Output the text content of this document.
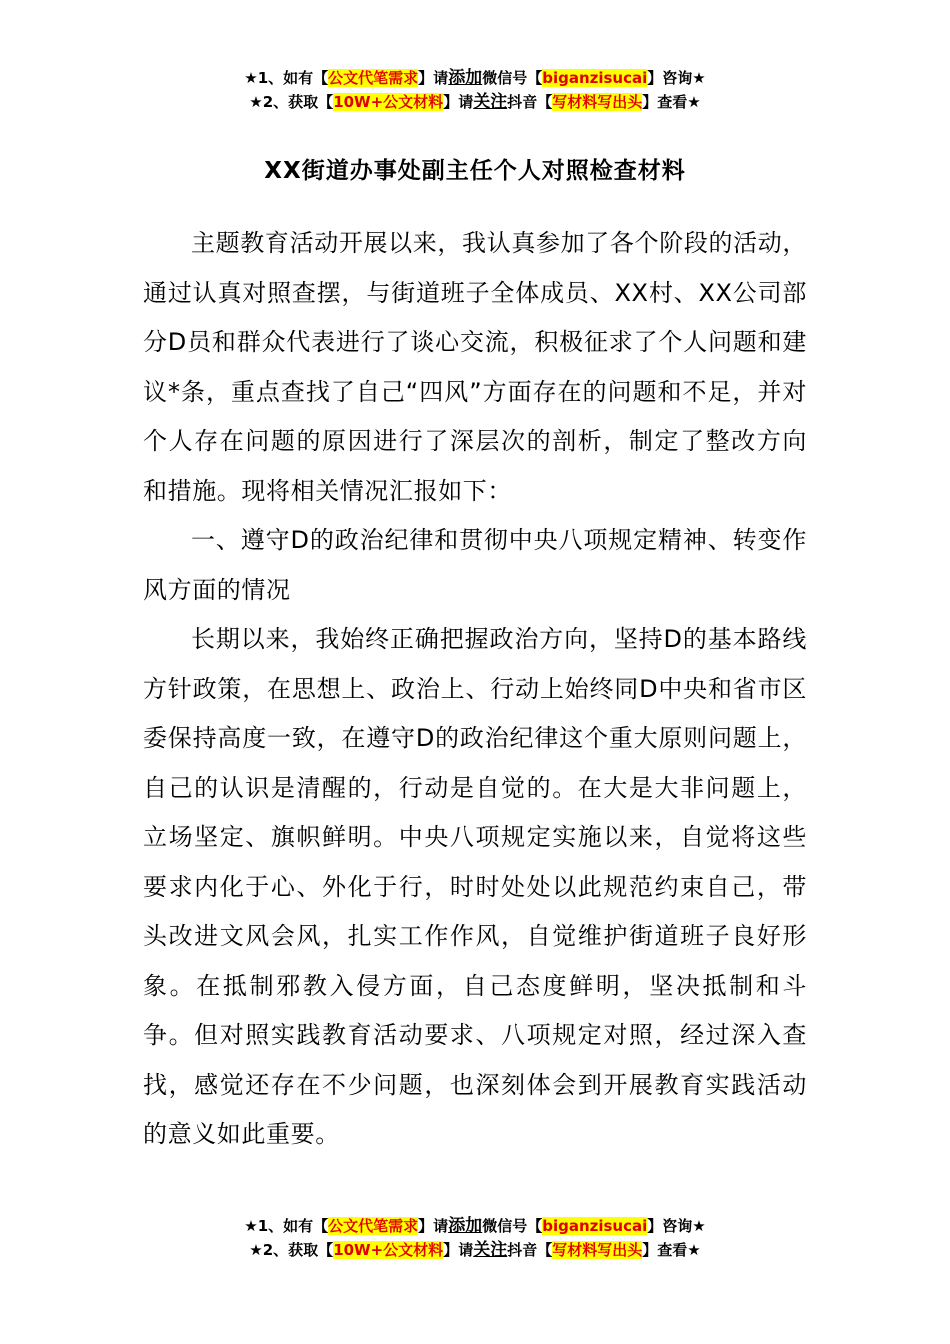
★1、如有【公文代笔需求】请添加微信号【biganzisucai】咨询★
★2、获取【10W+公文材料】请关注抖音【写材料写出头】查看★
XX街道办事处副主任个人对照检查材料

主题教育活动开展以来，我认真参加了各个阶段的活动，通过认真对照查摆，与街道班子全体成员、XX村、XX公司部分D员和群众代表进行了谈心交流，积极征求了个人问题和建议*条，重点查找了自己“四风”方面存在的问题和不足，并对个人存在问题的原因进行了深层次的剖析，制定了整改方向和措施。现将相关情况汇报如下：

一、遵守D的政治纪律和贯彻中央八项规定精神、转变作风方面的情况

长期以来，我始终正确把握政治方向，坚持D的基本路线方针政策，在思想上、政治上、行动上始终同D中央和省市区委保持高度一致，在遵守D的政治纪律这个重大原则问题上，自己的认识是清醒的，行动是自觉的。在大是大非问题上，立场坚定、旗帜鲜明。中央八项规定实施以来，自觉将这些要求内化于心、外化于行，时时处处以此规范约束自己，带头改进文风会风，扎实工作作风，自觉维护街道班子良好形象。在抵制邪教入侵方面，自己态度鲜明，坚决抵制和斗争。但对照实践教育活动要求、八项规定对照，经过深入查找，感觉还存在不少问题，也深刻体会到开展教育实践活动的意义如此重要。

★1、如有【公文代笔需求】请添加微信号【biganzisucai】咨询★
★2、获取【10W+公文材料】请关注抖音【写材料写出头】查看★
